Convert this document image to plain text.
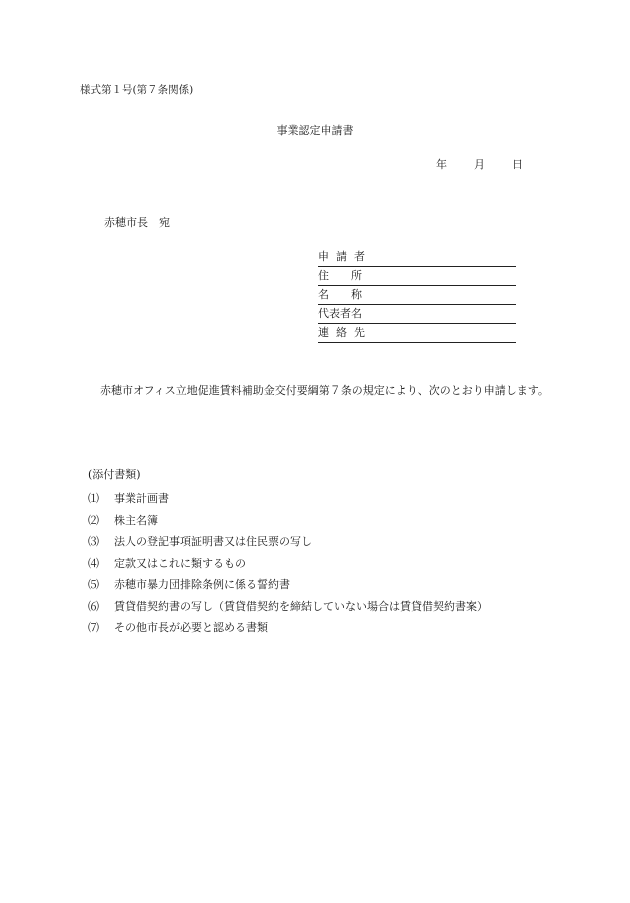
様式第１号(第７条関係)
事業認定申請書
年 月 日
赤穂市長　宛
申請者
住所
名称
代表者名
連絡先
赤穂市オフィス立地促進賃料補助金交付要綱第７条の規定により、次のとおり申請します。
(添付書類)
⑴ 事業計画書
⑵ 株主名簿
⑶ 法人の登記事項証明書又は住民票の写し
⑷ 定款又はこれに類するもの
⑸ 赤穂市暴力団排除条例に係る誓約書
⑹ 賃貸借契約書の写し（賃貸借契約を締結していない場合は賃貸借契約書案）
⑺ その他市長が必要と認める書類
